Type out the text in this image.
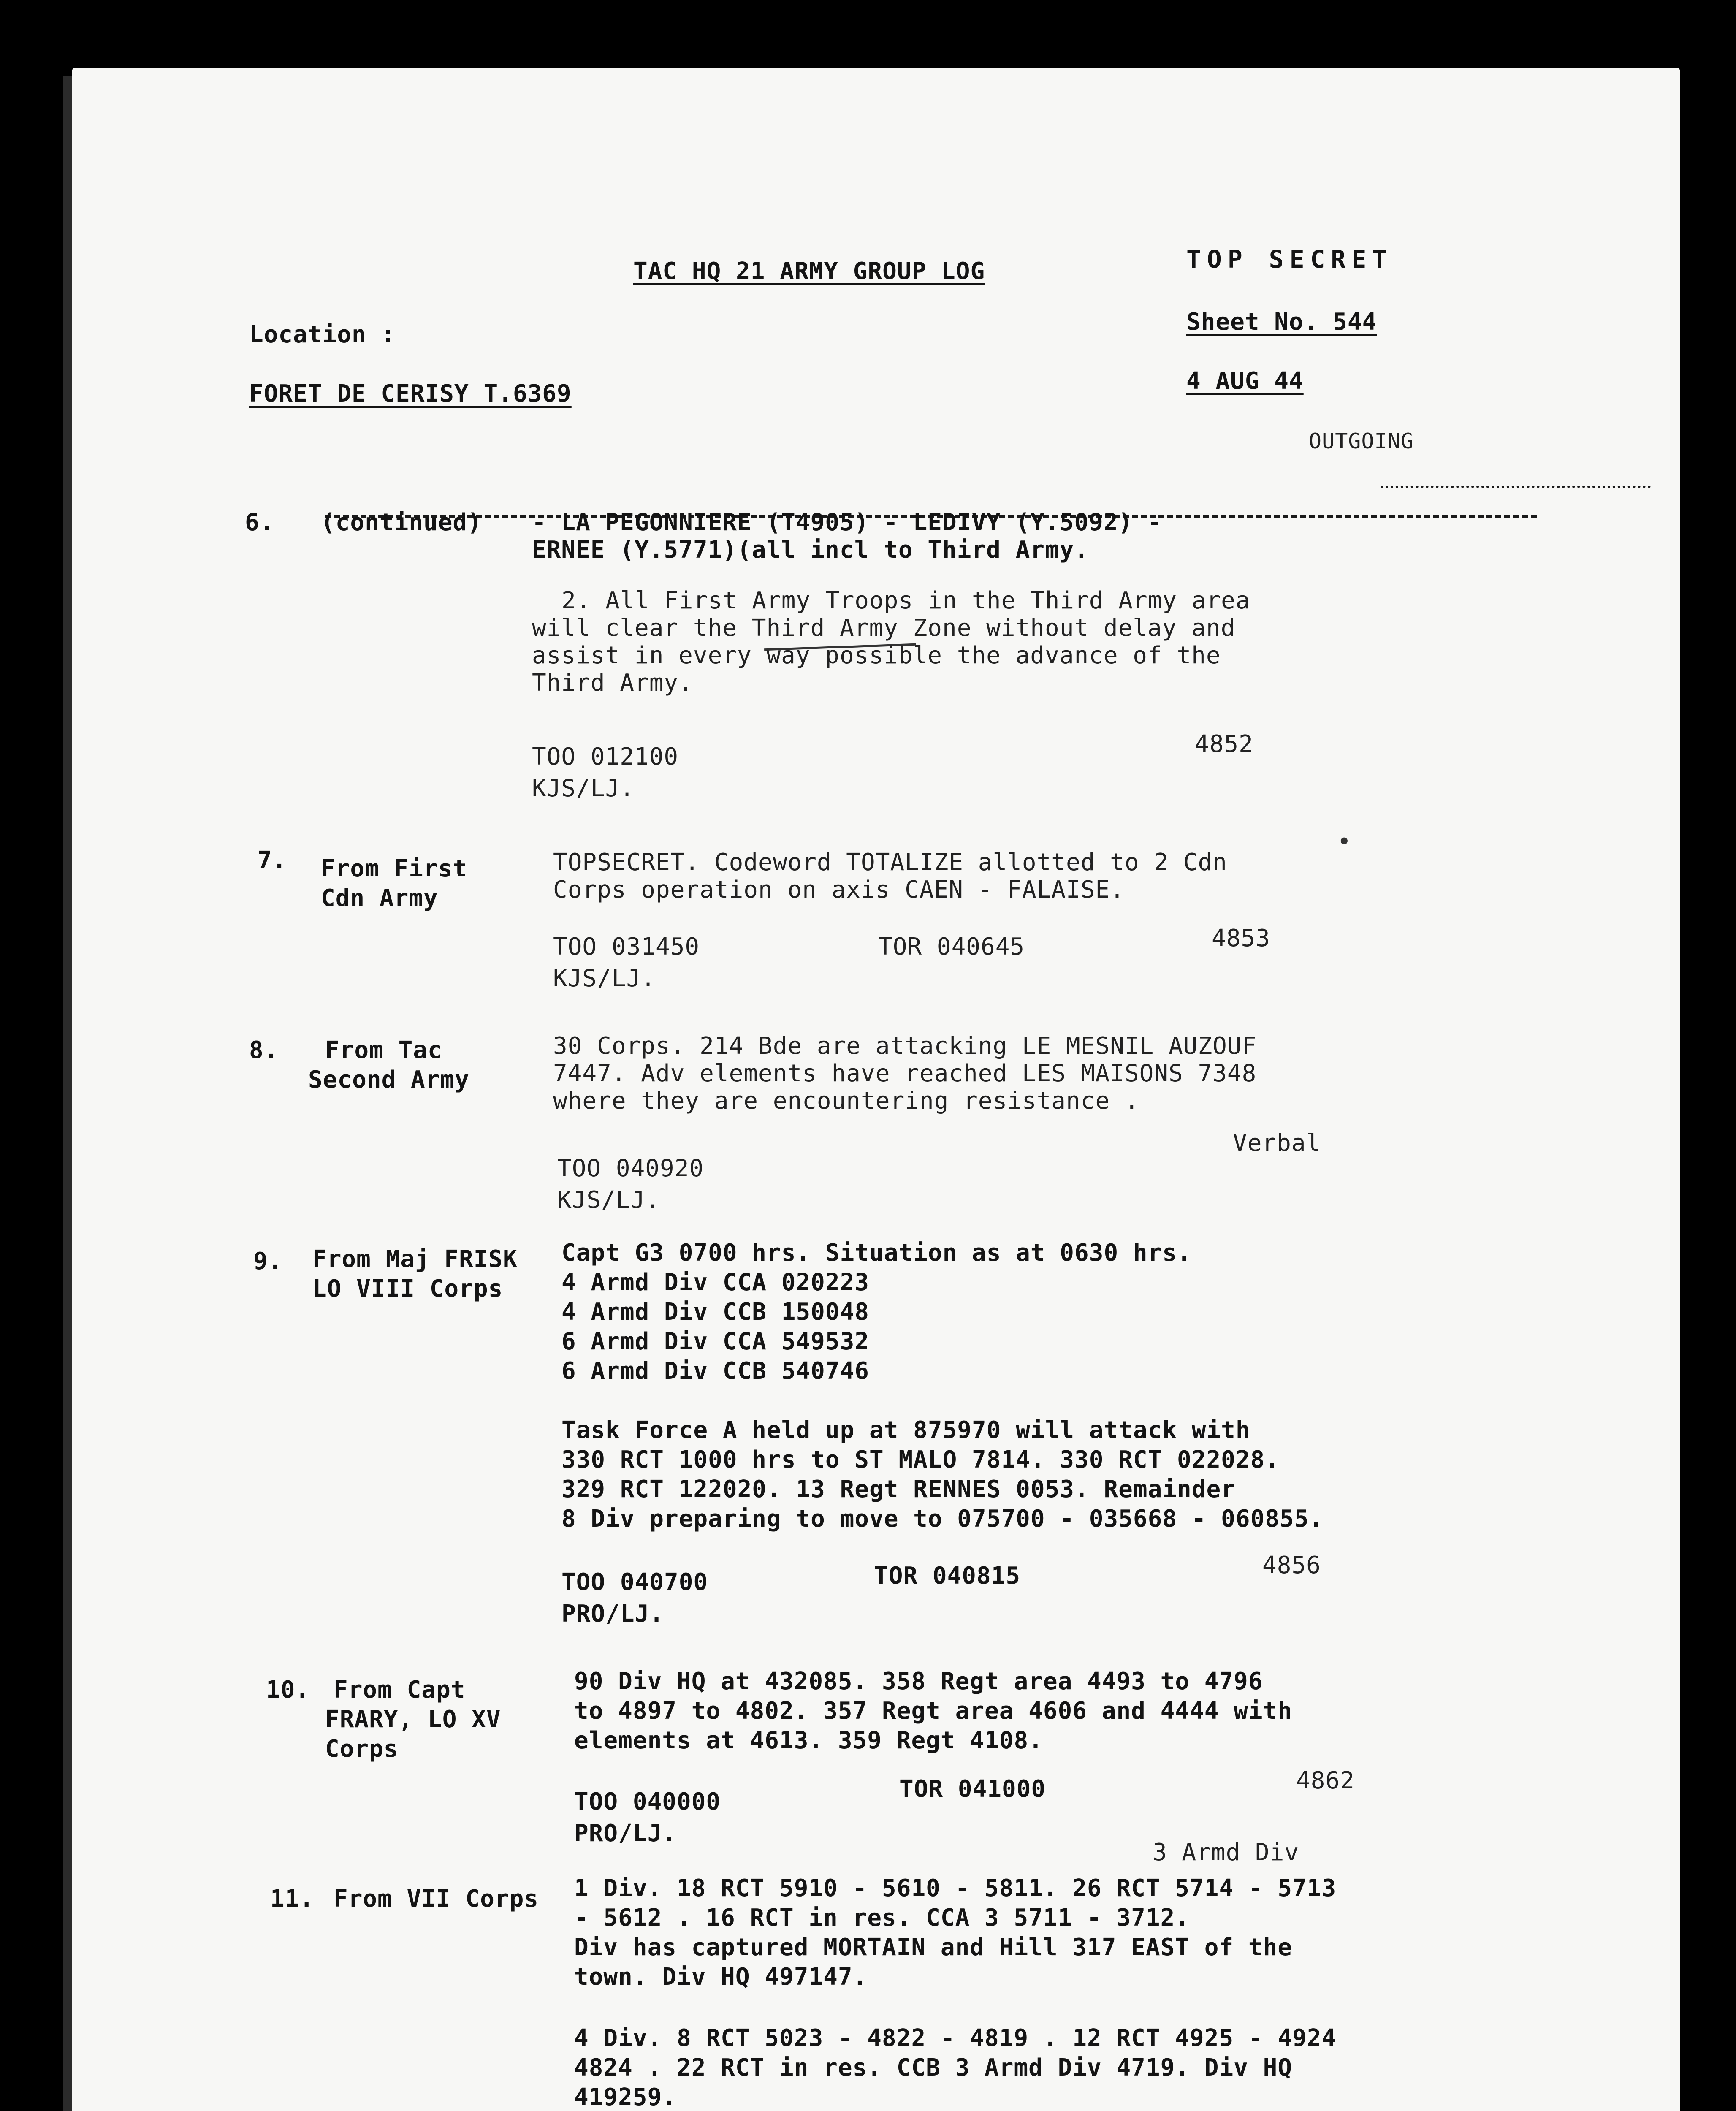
TAC HQ 21 ARMY GROUP LOG	TOP SECRET
Sheet No. 544
Location :
FORET DE CERISY T.6369	4 AUG 44
OUTGOING
6. (continued) - LA PEGONNIERE (T4905) - LEDIVY (Y.5092) -
ERNEE (Y.5771)(all incl to Third Army.
2. All First Army Troops in the Third Army area
will clear the Third Army Zone without delay and
assist in every way possible the advance of the
Third Army.
TOO 012100
KJS/LJ.
4852
7. From First
Cdn Army
TOPSECRET. Codeword TOTALIZE allotted to 2 Cdn
Corps operation on axis CAEN - FALAISE.
TOO 031450	TOR 040645	4853
KJS/LJ.
8. From Tac
Second Army
30 Corps. 214 Bde are attacking LE MESNIL AUZOUF
7447. Adv elements have reached LES MAISONS 7348
where they are encountering resistance .
Verbal
TOO 040920
KJS/LJ.
9. From Maj FRISK
LO VIII Corps
Capt G3 0700 hrs. Situation as at 0630 hrs.
4 Armd Div CCA 020223
4 Armd Div CCB 150048
6 Armd Div CCA 549532
6 Armd Div CCB 540746
Task Force A held up at 875970 will attack with
330 RCT 1000 hrs to ST MALO 7814. 330 RCT 022028.
329 RCT 122020. 13 Regt RENNES 0053. Remainder
8 Div preparing to move to 075700 - 035668 - 060855.
4856
TOO 040700	TOR 040815
PRO/LJ.
10. From Capt
FRARY, LO XV
Corps
90 Div HQ at 432085. 358 Regt area 4493 to 4796
to 4897 to 4802. 357 Regt area 4606 and 4444 with
elements at 4613. 359 Regt 4108.
4862
TOO 040000	TOR 041000
PRO/LJ.
11. From VII Corps
3 Armd Div
1 Div. 18 RCT 5910 - 5610 - 5811. 26 RCT 5714 - 5713
- 5612 . 16 RCT in res. CCA 3 5711 - 3712.
Div has captured MORTAIN and Hill 317 EAST of the
town. Div HQ 497147.
4 Div. 8 RCT 5023 - 4822 - 4819 . 12 RCT 4925 - 4924
4824 . 22 RCT in res. CCB 3 Armd Div 4719. Div HQ
419259.
•
